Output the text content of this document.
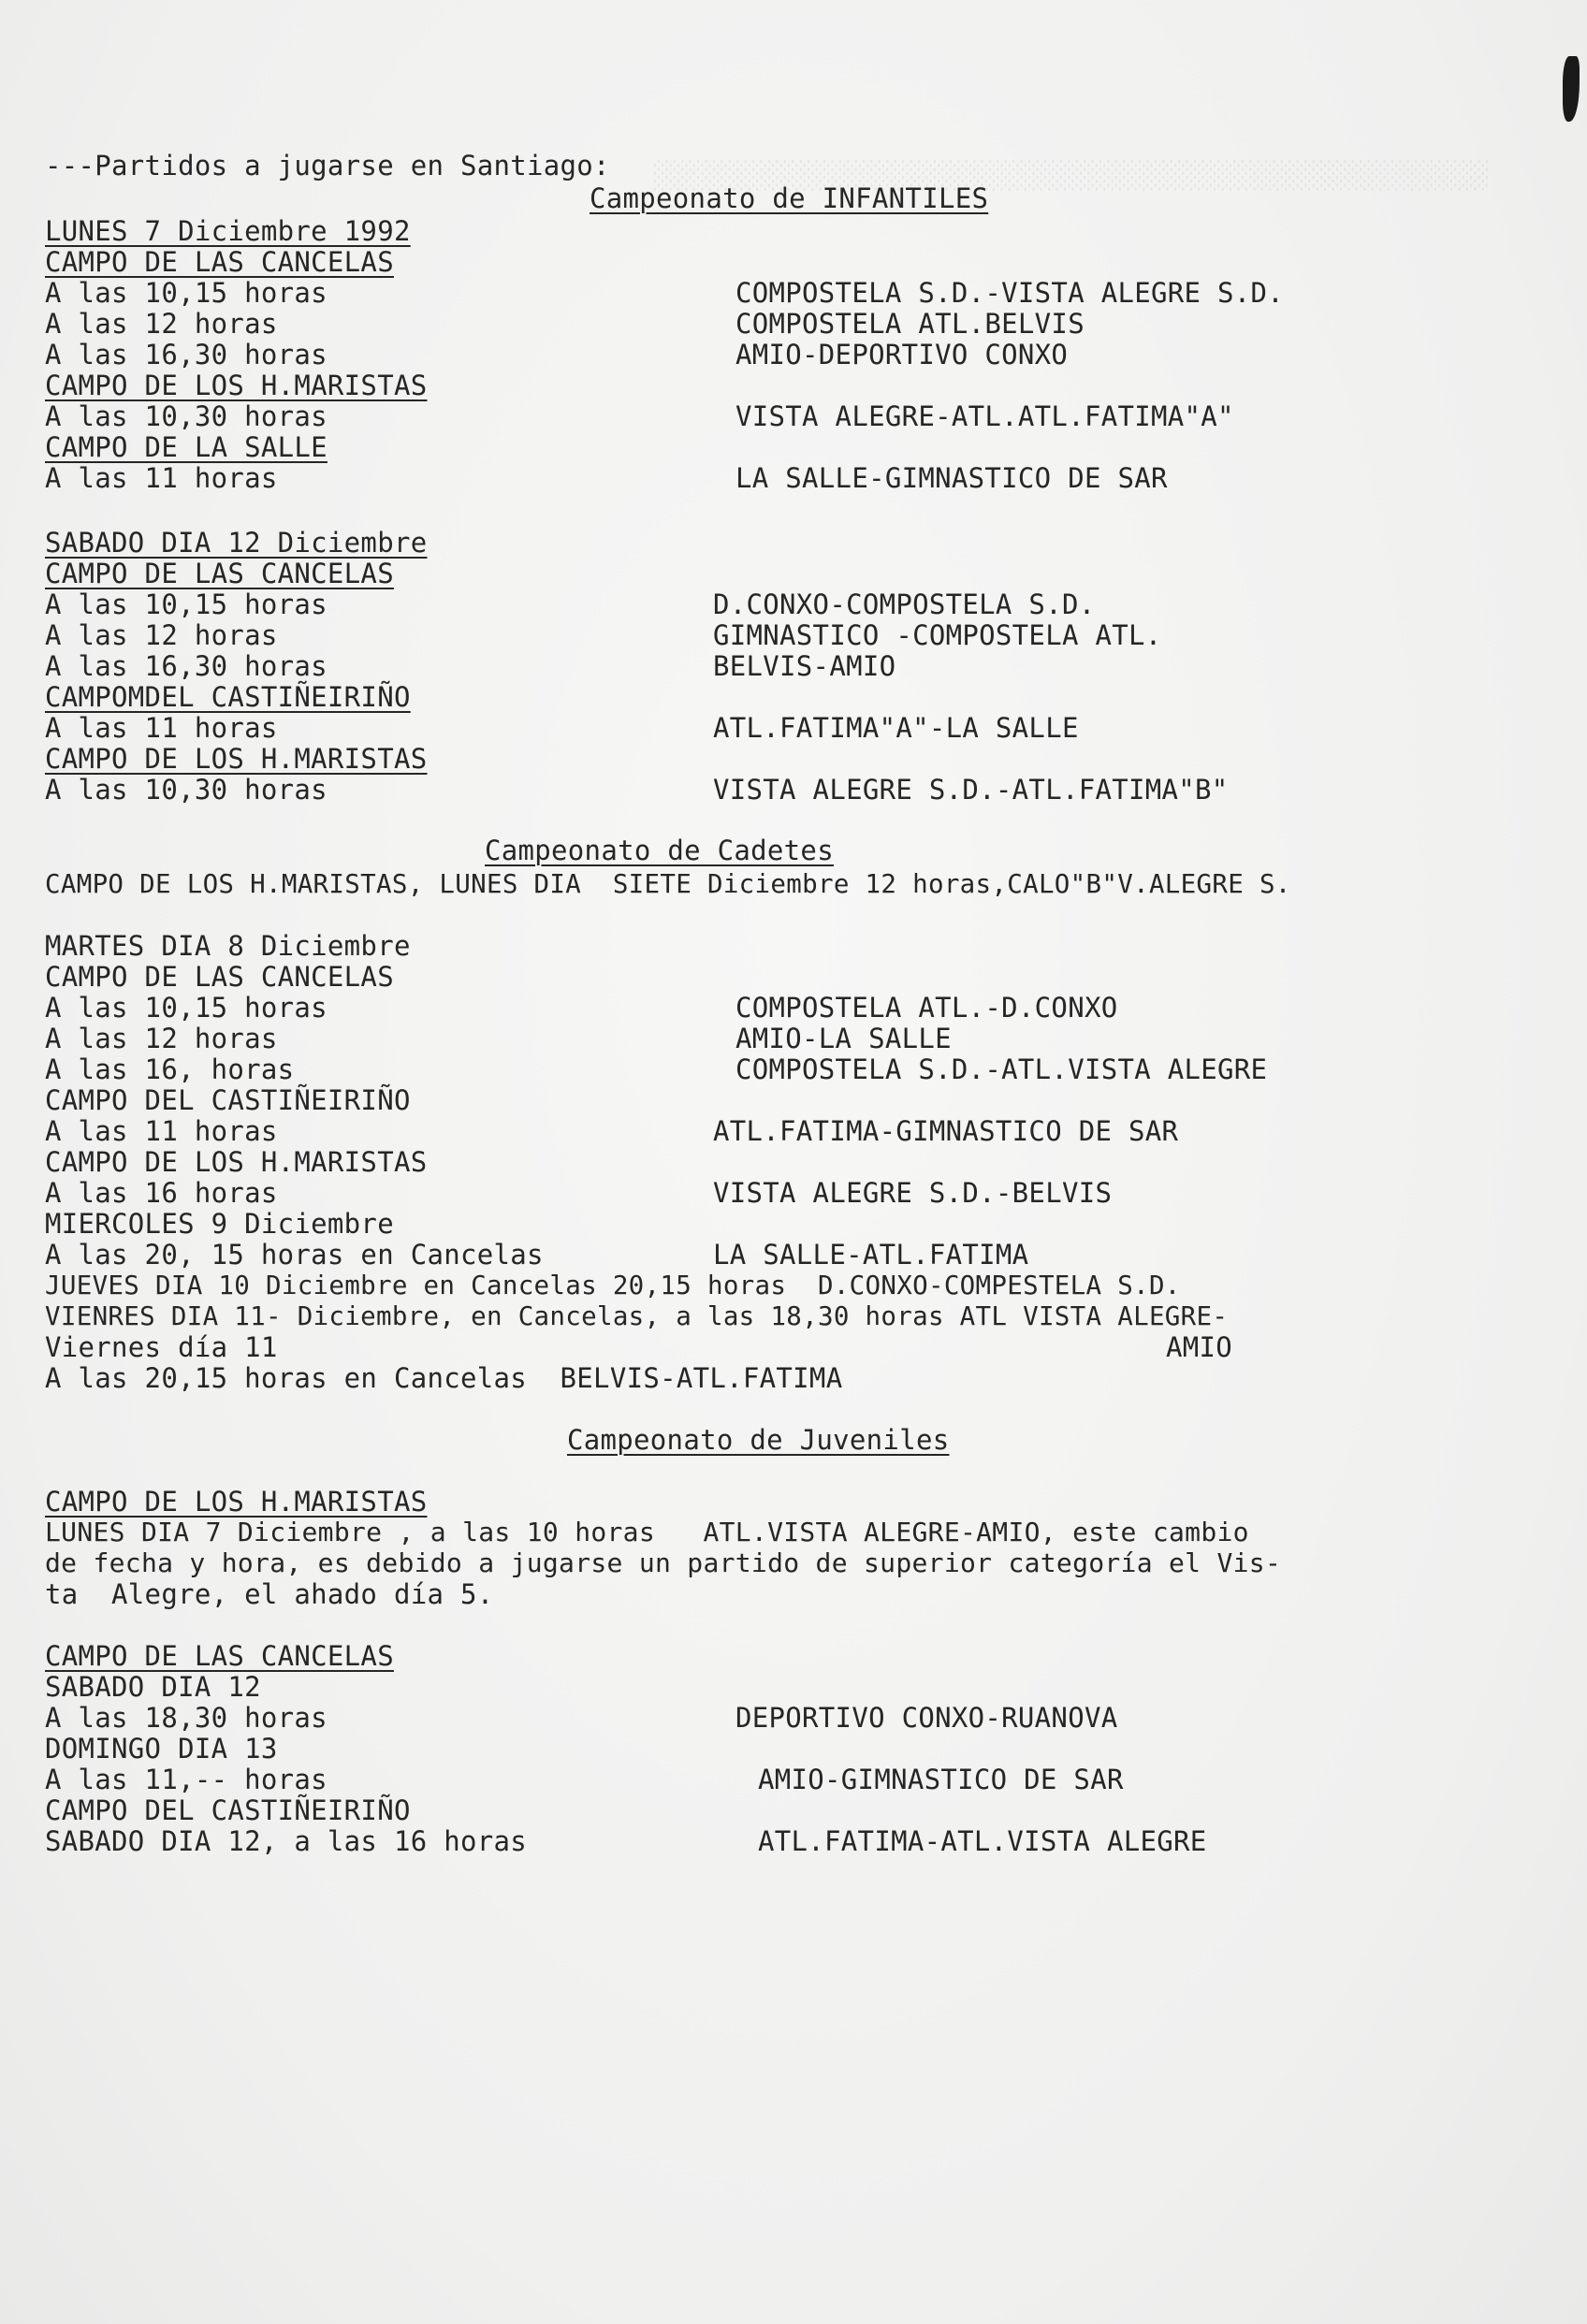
░░░░░░░░░░░░░░░░░░░░░░░░░░░░░░░░░░░░░░░░░░░░░░░░░░░░░
---Partidos a jugarse en Santiago:
Campeonato de INFANTILES
LUNES 7 Diciembre 1992
CAMPO DE LAS CANCELAS
A las 10,15 horas	COMPOSTELA S.D.-VISTA ALEGRE S.D.
A las 12 horas	COMPOSTELA ATL.BELVIS
A las 16,30 horas	AMIO-DEPORTIVO CONXO
CAMPO DE LOS H.MARISTAS
A las 10,30 horas	VISTA ALEGRE-ATL.ATL.FATIMA"A"
CAMPO DE LA SALLE
A las 11 horas	LA SALLE-GIMNASTICO DE SAR
SABADO DIA 12 Diciembre
CAMPO DE LAS CANCELAS
A las 10,15 horas	D.CONXO-COMPOSTELA S.D.
A las 12 horas	GIMNASTICO -COMPOSTELA ATL.
A las 16,30 horas	BELVIS-AMIO
CAMPOMDEL CASTIÑEIRIÑO
A las 11 horas	ATL.FATIMA"A"-LA SALLE
CAMPO DE LOS H.MARISTAS
A las 10,30 horas	VISTA ALEGRE S.D.-ATL.FATIMA"B"
Campeonato de Cadetes
CAMPO DE LOS H.MARISTAS, LUNES DIA  SIETE Diciembre 12 horas,CALO"B"V.ALEGRE S.
MARTES DIA 8 Diciembre
CAMPO DE LAS CANCELAS
A las 10,15 horas	COMPOSTELA ATL.-D.CONXO
A las 12 horas	AMIO-LA SALLE
A las 16, horas	COMPOSTELA S.D.-ATL.VISTA ALEGRE
CAMPO DEL CASTIÑEIRIÑO
A las 11 horas	ATL.FATIMA-GIMNASTICO DE SAR
CAMPO DE LOS H.MARISTAS
A las 16 horas	VISTA ALEGRE S.D.-BELVIS
MIERCOLES 9 Diciembre
A las 20, 15 horas en Cancelas	LA SALLE-ATL.FATIMA
JUEVES DIA 10 Diciembre en Cancelas 20,15 horas  D.CONXO-COMPESTELA S.D.
VIENRES DIA 11- Diciembre, en Cancelas, a las 18,30 horas ATL VISTA ALEGRE-
Viernes día 11	AMIO
A las 20,15 horas en Cancelas  BELVIS-ATL.FATIMA
Campeonato de Juveniles
CAMPO DE LOS H.MARISTAS
LUNES DIA 7 Diciembre , a las 10 horas   ATL.VISTA ALEGRE-AMIO, este cambio
de fecha y hora, es debido a jugarse un partido de superior categoría el Vis-
ta  Alegre, el ahado día 5.
CAMPO DE LAS CANCELAS
SABADO DIA 12
A las 18,30 horas	DEPORTIVO CONXO-RUANOVA
DOMINGO DIA 13
A las 11,-- horas	AMIO-GIMNASTICO DE SAR
CAMPO DEL CASTIÑEIRIÑO
SABADO DIA 12, a las 16 horas	ATL.FATIMA-ATL.VISTA ALEGRE
